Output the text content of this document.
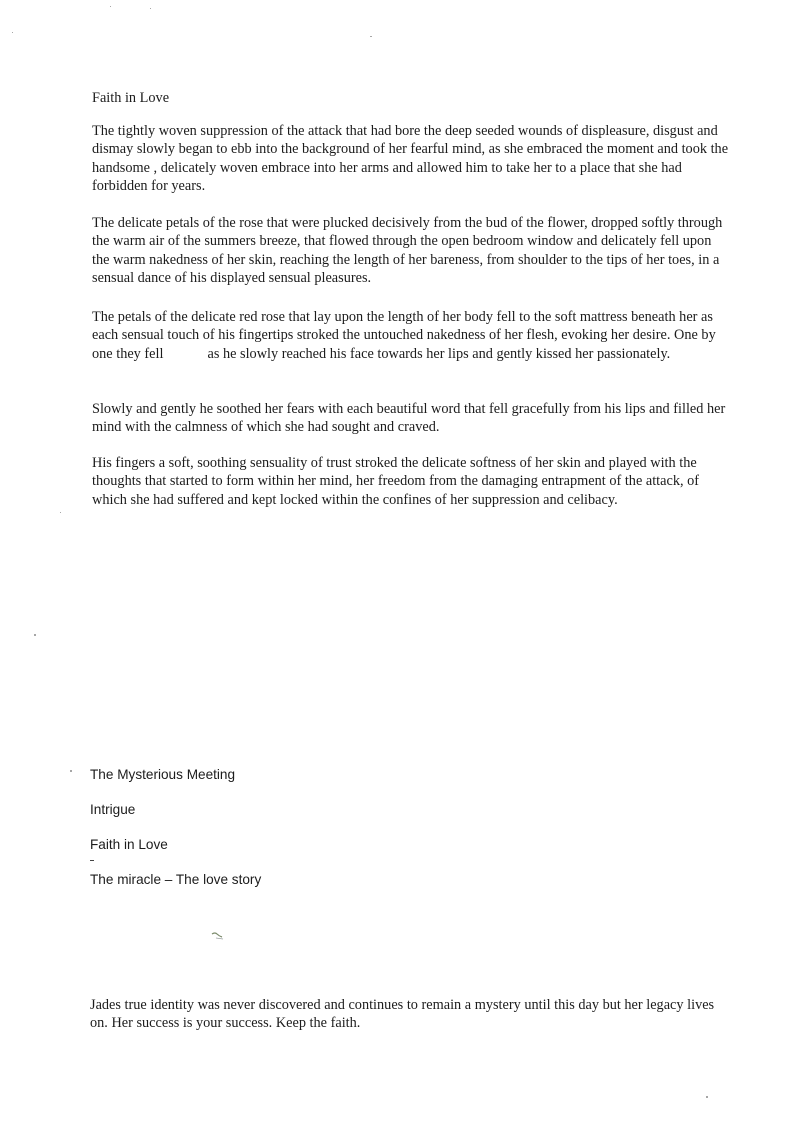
Faith in Love

The tightly woven suppression of the attack that had bore the deep seeded wounds of displeasure, disgust and dismay slowly began to ebb into the background of her fearful mind, as she embraced the moment and took the handsome , delicately woven embrace into her arms and allowed him to take her to a place that she had forbidden for years.

The delicate petals of the rose that were plucked decisively from the bud of the flower, dropped softly through the warm air of the summers breeze, that flowed through the open bedroom window and delicately fell upon the warm nakedness of her skin, reaching the length of her bareness, from shoulder to the tips of her toes, in a sensual dance of his displayed sensual pleasures.

The petals of the delicate red rose that lay upon the length of her body fell to the soft mattress beneath her as each sensual touch of his fingertips stroked the untouched nakedness of her flesh, evoking her desire. One by one they fell	as he slowly reached his face towards her lips and gently kissed her passionately.

Slowly and gently he soothed her fears with each beautiful word that fell gracefully from his lips and filled her mind with the calmness of which she had sought and craved.

His fingers a soft, soothing sensuality of trust stroked the delicate softness of her skin and played with the thoughts that started to form within her mind, her freedom from the damaging entrapment of the attack, of which she had suffered and kept locked within the confines of her suppression and celibacy.

The Mysterious Meeting
Intrigue
Faith in Love
The miracle – The love story
Jades true identity was never discovered and continues to remain a mystery until this day but her legacy lives on. Her success is your success. Keep the faith.
